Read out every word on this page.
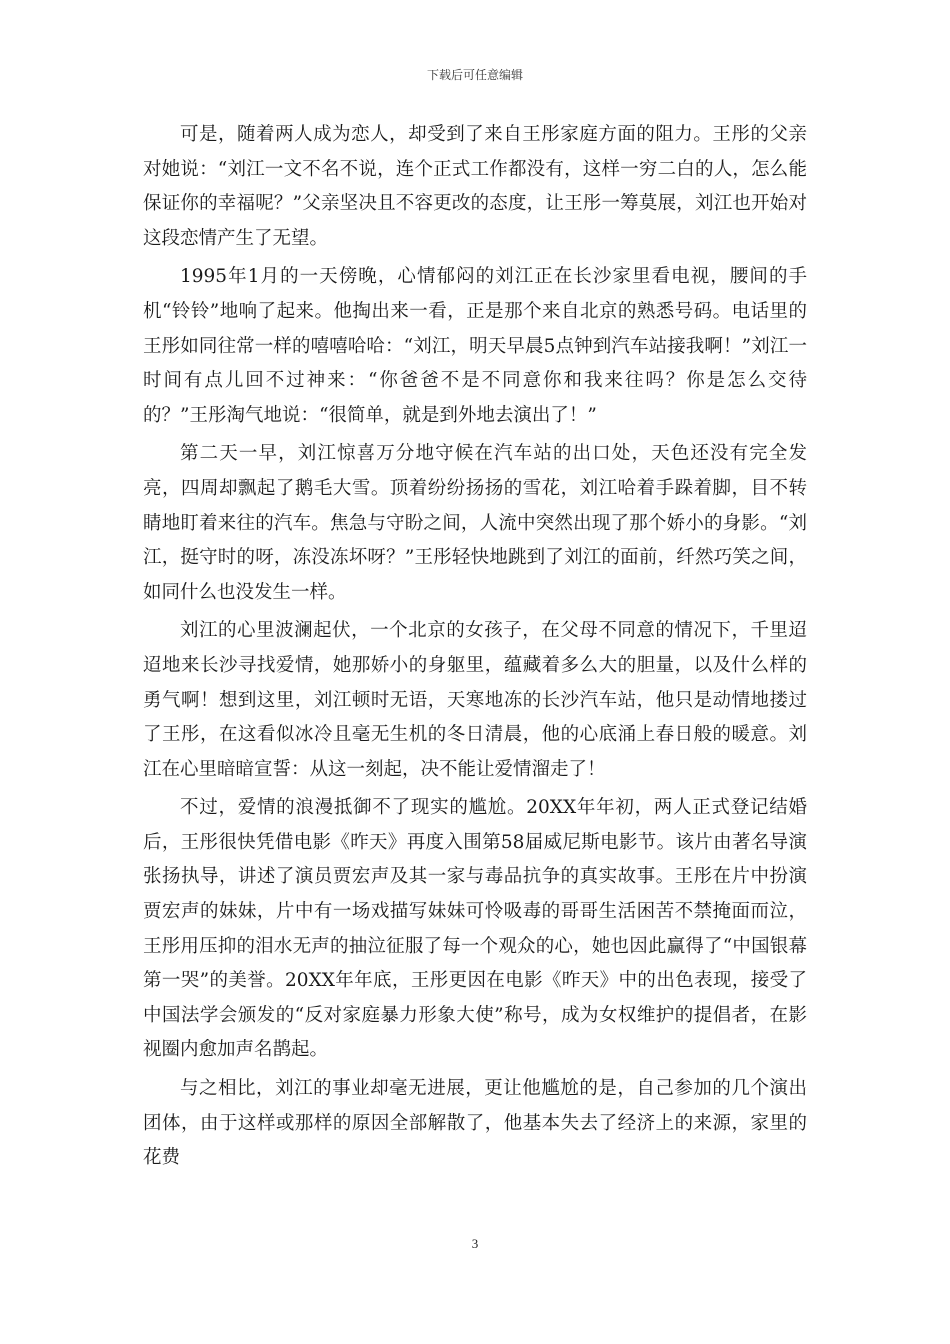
下载后可任意编辑

可是，随着两人成为恋人，却受到了来自王彤家庭方面的阻力。王彤的父亲对她说：“刘江一文不名不说，连个正式工作都没有，这样一穷二白的人，怎么能保证你的幸福呢？”父亲坚决且不容更改的态度，让王彤一筹莫展，刘江也开始对这段恋情产生了无望。

1995年1月的一天傍晚，心情郁闷的刘江正在长沙家里看电视，腰间的手机“铃铃”地响了起来。他掏出来一看，正是那个来自北京的熟悉号码。电话里的王彤如同往常一样的嘻嘻哈哈：“刘江，明天早晨5点钟到汽车站接我啊！”刘江一时间有点儿回不过神来：“你爸爸不是不同意你和我来往吗？你是怎么交待的？”王彤淘气地说：“很简单，就是到外地去演出了！”

第二天一早，刘江惊喜万分地守候在汽车站的出口处，天色还没有完全发亮，四周却飘起了鹅毛大雪。顶着纷纷扬扬的雪花，刘江哈着手跺着脚，目不转睛地盯着来往的汽车。焦急与守盼之间，人流中突然出现了那个娇小的身影。“刘江，挺守时的呀，冻没冻坏呀？”王彤轻快地跳到了刘江的面前，纤然巧笑之间，如同什么也没发生一样。

刘江的心里波澜起伏，一个北京的女孩子，在父母不同意的情况下，千里迢迢地来长沙寻找爱情，她那娇小的身躯里，蕴藏着多么大的胆量，以及什么样的勇气啊！想到这里，刘江顿时无语，天寒地冻的长沙汽车站，他只是动情地搂过了王彤，在这看似冰冷且毫无生机的冬日清晨，他的心底涌上春日般的暖意。刘江在心里暗暗宣誓：从这一刻起，决不能让爱情溜走了！

不过，爱情的浪漫抵御不了现实的尴尬。20XX年年初，两人正式登记结婚后，王彤很快凭借电影《昨天》再度入围第58届威尼斯电影节。该片由著名导演张扬执导，讲述了演员贾宏声及其一家与毒品抗争的真实故事。王彤在片中扮演贾宏声的妹妹，片中有一场戏描写妹妹可怜吸毒的哥哥生活困苦不禁掩面而泣，王彤用压抑的泪水无声的抽泣征服了每一个观众的心，她也因此赢得了“中国银幕第一哭”的美誉。20XX年年底，王彤更因在电影《昨天》中的出色表现，接受了中国法学会颁发的“反对家庭暴力形象大使”称号，成为女权维护的提倡者，在影视圈内愈加声名鹊起。

与之相比，刘江的事业却毫无进展，更让他尴尬的是，自己参加的几个演出团体，由于这样或那样的原因全部解散了，他基本失去了经济上的来源，家里的花费

3
